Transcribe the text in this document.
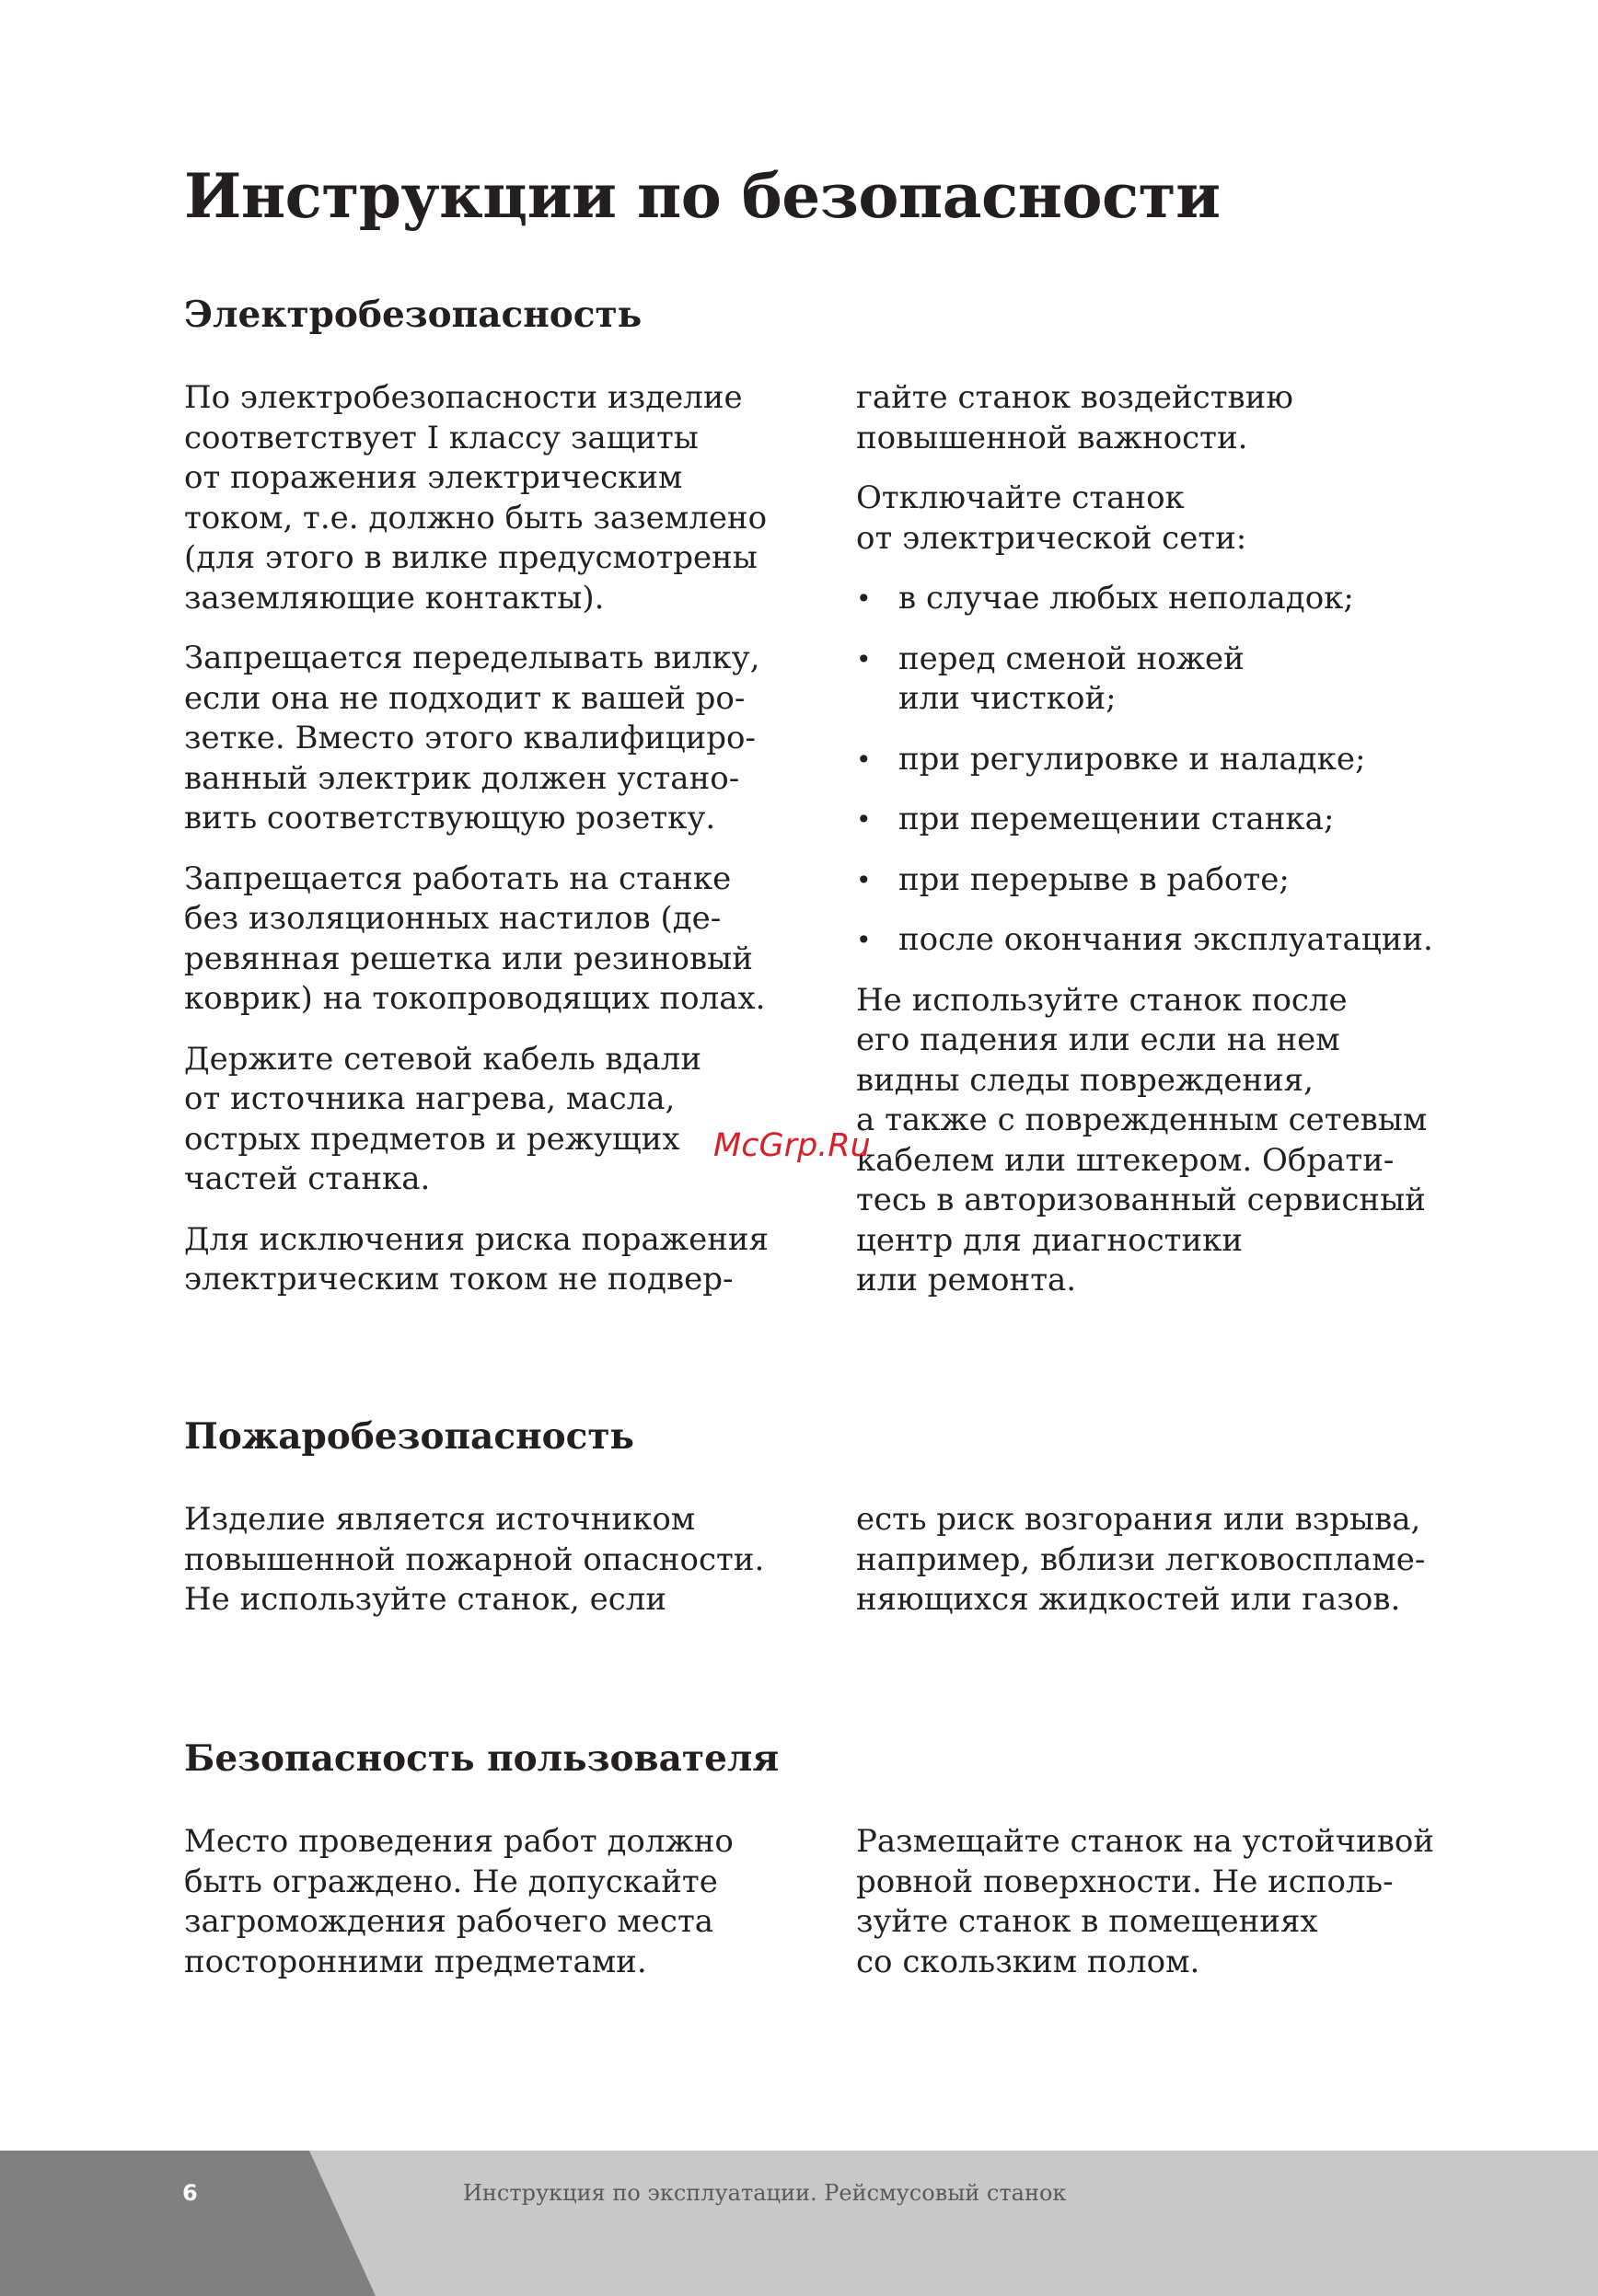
Инструкции по безопасности
Электробезопасность

По электробезопасности изделие
соответствует I классу защиты
от поражения электрическим
током, т.е. должно быть заземлено
(для этого в вилке предусмотрены
заземляющие контакты).

Запрещается переделывать вилку,
если она не подходит к вашей ро-
зетке. Вместо этого квалифициро-
ванный электрик должен устано-
вить соответствующую розетку.

Запрещается работать на станке
без изоляционных настилов (де-
ревянная решетка или резиновый
коврик) на токопроводящих полах.

Держите сетевой кабель вдали
от источника нагрева, масла,
острых предметов и режущих
частей станка.

Для исключения риска поражения
электрическим током не подвер-

гайте станок воздействию
повышенной важности.

Отключайте станок
от электрической сети:

• в случае любых неполадок;
• перед сменой ножей
или чисткой;
• при регулировке и наладке;
• при перемещении станка;
• при перерыве в работе;
• после окончания эксплуатации.

Не используйте станок после
его падения или если на нем
видны следы повреждения,
а также с поврежденным сетевым
кабелем или штекером. Обрати-
тесь в авторизованный сервисный
центр для диагностики
или ремонта.

Пожаробезопасность

Изделие является источником
повышенной пожарной опасности.
Не используйте станок, если

есть риск возгорания или взрыва,
например, вблизи легковоспламе-
няющихся жидкостей или газов.

Безопасность пользователя

Место проведения работ должно
быть ограждено. Не допускайте
загромождения рабочего места
посторонними предметами.

Размещайте станок на устойчивой
ровной поверхности. Не исполь-
зуйте станок в помещениях
со скользким полом.

McGrp.Ru
6	Инструкция по эксплуатации. Рейсмусовый станок
